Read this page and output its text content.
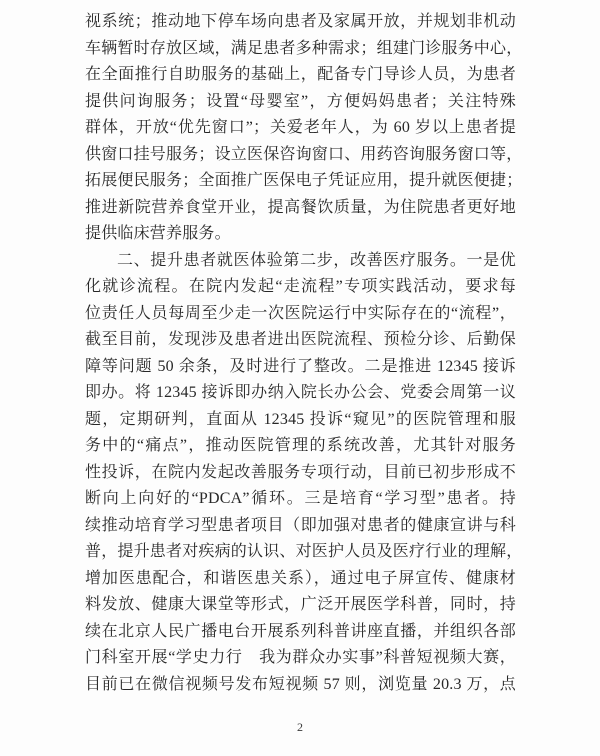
视系统；推动地下停车场向患者及家属开放，并规划非机动
车辆暂时存放区域，满足患者多种需求；组建门诊服务中心，
在全面推行自助服务的基础上，配备专门导诊人员，为患者
提供问询服务；设置“母婴室”，方便妈妈患者；关注特殊
群体，开放“优先窗口”；关爱老年人，为 60 岁以上患者提
供窗口挂号服务；设立医保咨询窗口、用药咨询服务窗口等，
拓展便民服务；全面推广医保电子凭证应用，提升就医便捷；
推进新院营养食堂开业，提高餐饮质量，为住院患者更好地
提供临床营养服务。
二、提升患者就医体验第二步，改善医疗服务。一是优
化就诊流程。在院内发起“走流程”专项实践活动，要求每
位责任人员每周至少走一次医院运行中实际存在的“流程”，
截至目前，发现涉及患者进出医院流程、预检分诊、后勤保
障等问题 50 余条，及时进行了整改。二是推进 12345 接诉
即办。将 12345 接诉即办纳入院长办公会、党委会周第一议
题，定期研判，直面从 12345 投诉“窥见”的医院管理和服
务中的“痛点”，推动医院管理的系统改善，尤其针对服务
性投诉，在院内发起改善服务专项行动，目前已初步形成不
断向上向好的“PDCA”循环。三是培育“学习型”患者。持
续推动培育学习型患者项目（即加强对患者的健康宣讲与科
普，提升患者对疾病的认识、对医护人员及医疗行业的理解，
增加医患配合，和谐医患关系），通过电子屏宣传、健康材
料发放、健康大课堂等形式，广泛开展医学科普，同时，持
续在北京人民广播电台开展系列科普讲座直播，并组织各部
门科室开展“学史力行　我为群众办实事”科普短视频大赛，
目前已在微信视频号发布短视频 57 则，浏览量 20.3 万，点
2
